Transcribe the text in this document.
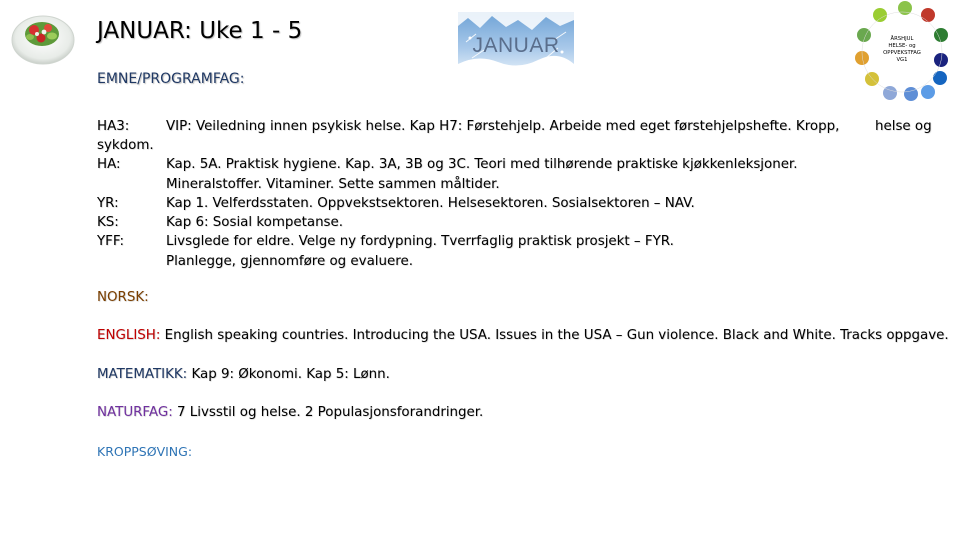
JANUAR: Uke 1 - 5
JANUAR	ÅRSHJUL
HELSE- og
OPPVEKSTFAG
VG1
EMNE/PROGRAMFAG:
HA3:	VIP: Veiledning innen psykisk helse. Kap H7: Førstehjelp. Arbeide med eget førstehjelpshefte. Kropp,	helse og
sykdom.
HA:	Kap. 5A. Praktisk hygiene. Kap. 3A, 3B og 3C. Teori med tilhørende praktiske kjøkkenleksjoner.
Mineralstoffer. Vitaminer. Sette sammen måltider.
YR:	Kap 1. Velferdsstaten. Oppvekstsektoren. Helsesektoren. Sosialsektoren – NAV.
KS:	Kap 6: Sosial kompetanse.
YFF:	Livsglede for eldre. Velge ny fordypning. Tverrfaglig praktisk prosjekt – FYR.
Planlegge, gjennomføre og evaluere.
NORSK:
ENGLISH: English speaking countries. Introducing the USA. Issues in the USA – Gun violence. Black and White. Tracks oppgave.
MATEMATIKK: Kap 9: Økonomi. Kap 5: Lønn.
NATURFAG: 7 Livsstil og helse. 2 Populasjonsforandringer.
KROPPSØVING:
